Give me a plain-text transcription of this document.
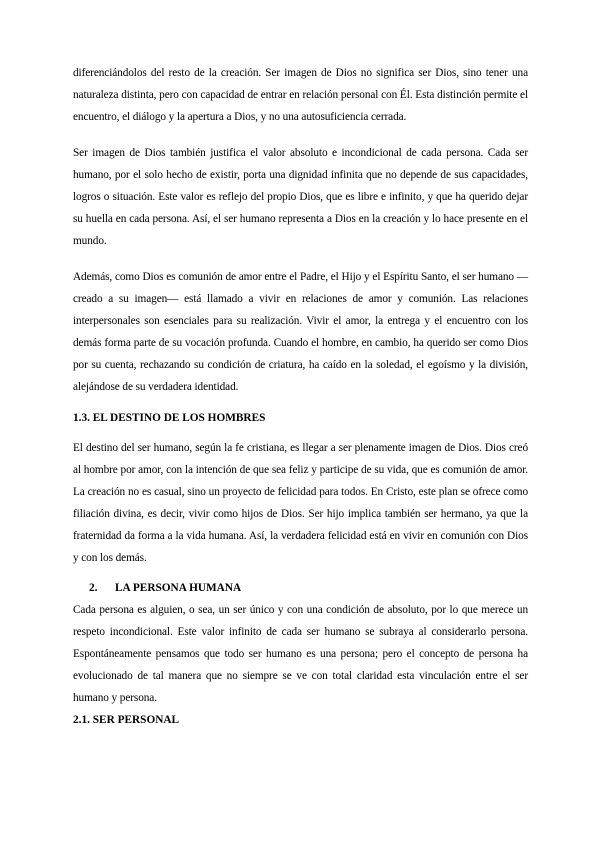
diferenciándolos del resto de la creación. Ser imagen de Dios no significa ser Dios, sino tener una naturaleza distinta, pero con capacidad de entrar en relación personal con Él. Esta distinción permite el encuentro, el diálogo y la apertura a Dios, y no una autosuficiencia cerrada.

Ser imagen de Dios también justifica el valor absoluto e incondicional de cada persona. Cada ser humano, por el solo hecho de existir, porta una dignidad infinita que no depende de sus capacidades, logros o situación. Este valor es reflejo del propio Dios, que es libre e infinito, y que ha querido dejar su huella en cada persona. Así, el ser humano representa a Dios en la creación y lo hace presente en el mundo.

Además, como Dios es comunión de amor entre el Padre, el Hijo y el Espíritu Santo, el ser humano —creado a su imagen— está llamado a vivir en relaciones de amor y comunión. Las relaciones interpersonales son esenciales para su realización. Vivir el amor, la entrega y el encuentro con los demás forma parte de su vocación profunda. Cuando el hombre, en cambio, ha querido ser como Dios por su cuenta, rechazando su condición de criatura, ha caído en la soledad, el egoísmo y la división, alejándose de su verdadera identidad.

1.3. EL DESTINO DE LOS HOMBRES

El destino del ser humano, según la fe cristiana, es llegar a ser plenamente imagen de Dios. Dios creó al hombre por amor, con la intención de que sea feliz y participe de su vida, que es comunión de amor. La creación no es casual, sino un proyecto de felicidad para todos. En Cristo, este plan se ofrece como filiación divina, es decir, vivir como hijos de Dios. Ser hijo implica también ser hermano, ya que la fraternidad da forma a la vida humana. Así, la verdadera felicidad está en vivir en comunión con Dios y con los demás.

2. LA PERSONA HUMANA

Cada persona es alguien, o sea, un ser único y con una condición de absoluto, por lo que merece un respeto incondicional. Este valor infinito de cada ser humano se subraya al considerarlo persona. Espontáneamente pensamos que todo ser humano es una persona; pero el concepto de persona ha evolucionado de tal manera que no siempre se ve con total claridad esta vinculación entre el ser humano y persona.

2.1. SER PERSONAL
